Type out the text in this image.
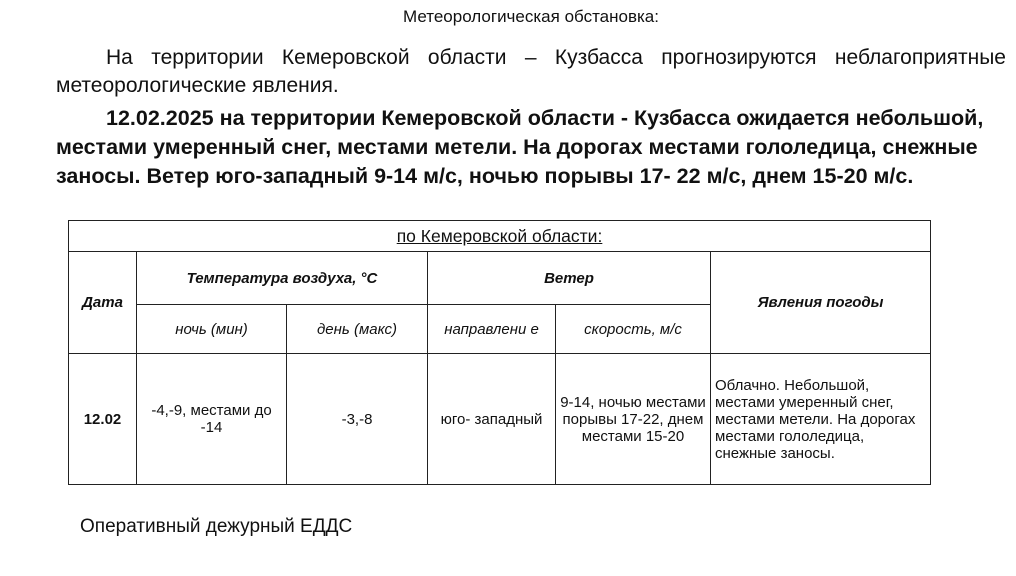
Метеорологическая обстановка:
На территории Кемеровской области – Кузбасса прогнозируются неблагоприятные метеорологические явления.
12.02.2025 на территории Кемеровской области - Кузбасса ожидается небольшой, местами умеренный снег, местами метели. На дорогах местами гололедица, снежные заносы. Ветер юго-западный 9-14 м/с, ночью порывы 17- 22 м/с, днем 15-20 м/с.
по Кемеровской области:					
Дата	Температура воздуха, °С		Ветер		Явления погоды
	ночь (мин)	день (макс)	направлени е	скорость, м/с	
12.02	-4,-9, местами до -14	-3,-8	юго- западный	9-14, ночью местами порывы 17-22, днем местами 15-20	Облачно. Небольшой, местами умеренный снег, местами метели. На дорогах местами гололедица, снежные заносы.
Оперативный дежурный ЕДДС
